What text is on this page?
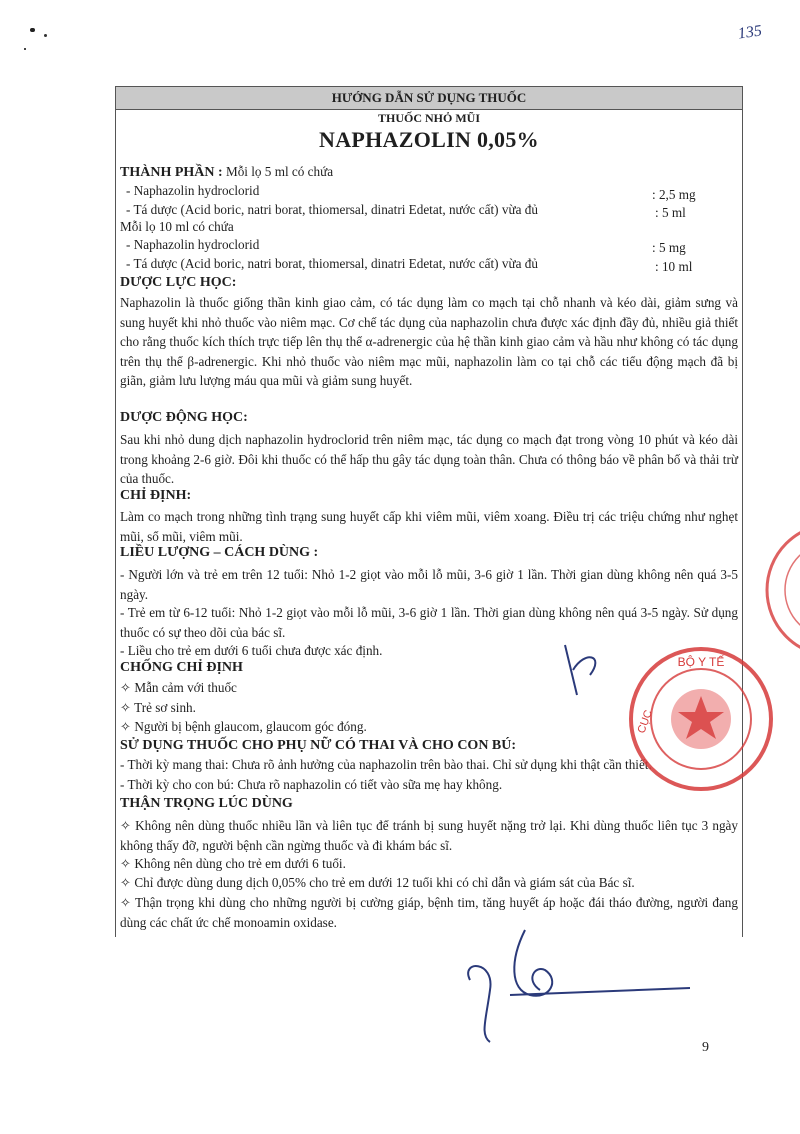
135
HƯỚNG DẪN SỬ DỤNG THUỐC
THUỐC NHỎ MŨI
NAPHAZOLIN 0,05%
THÀNH PHẦN : Mỗi lọ 5 ml có chứa
- Naphazolin hydroclorid	: 2,5 mg
- Tá dược (Acid boric, natri borat, thiomersal, dinatri Edetat, nước cất) vừa đủ	: 5 ml
Mỗi lọ 10 ml có chứa
- Naphazolin hydroclorid	: 5 mg
- Tá dược (Acid boric, natri borat, thiomersal, dinatri Edetat, nước cất) vừa đủ	: 10 ml
DƯỢC LỰC HỌC:
Naphazolin là thuốc giống thần kinh giao cảm, có tác dụng làm co mạch tại chỗ nhanh và kéo dài, giảm sưng và sung huyết khi nhỏ thuốc vào niêm mạc. Cơ chế tác dụng của naphazolin chưa được xác định đầy đủ, nhiều giả thiết cho rằng thuốc kích thích trực tiếp lên thụ thể α-adrenergic của hệ thần kinh giao cảm và hầu như không có tác dụng trên thụ thể β-adrenergic. Khi nhỏ thuốc vào niêm mạc mũi, naphazolin làm co tại chỗ các tiểu động mạch đã bị giãn, giảm lưu lượng máu qua mũi và giảm sung huyết.
DƯỢC ĐỘNG HỌC:
Sau khi nhỏ dung dịch naphazolin hydroclorid trên niêm mạc, tác dụng co mạch đạt trong vòng 10 phút và kéo dài trong khoảng 2-6 giờ. Đôi khi thuốc có thể hấp thu gây tác dụng toàn thân. Chưa có thông báo về phân bố và thải trừ của thuốc.
CHỈ ĐỊNH:
Làm co mạch trong những tình trạng sung huyết cấp khi viêm mũi, viêm xoang. Điều trị các triệu chứng như nghẹt mũi, sổ mũi, viêm mũi.
LIỀU LƯỢNG – CÁCH DÙNG :
- Người lớn và trẻ em trên 12 tuổi: Nhỏ 1-2 giọt vào mỗi lỗ mũi, 3-6 giờ 1 lần. Thời gian dùng không nên quá 3-5 ngày.
- Trẻ em từ 6-12 tuổi: Nhỏ 1-2 giọt vào mỗi lỗ mũi, 3-6 giờ 1 lần. Thời gian dùng không nên quá 3-5 ngày. Sử dụng thuốc có sự theo dõi của bác sĩ.
- Liều cho trẻ em dưới 6 tuổi chưa được xác định.
CHỐNG CHỈ ĐỊNH
✧ Mẫn cảm với thuốc
✧ Trẻ sơ sinh.
✧ Người bị bệnh glaucom, glaucom góc đóng.
SỬ DỤNG THUỐC CHO PHỤ NỮ CÓ THAI VÀ CHO CON BÚ:
- Thời kỳ mang thai: Chưa rõ ảnh hưởng của naphazolin trên bào thai. Chỉ sử dụng khi thật cần thiết.
- Thời kỳ cho con bú: Chưa rõ naphazolin có tiết vào sữa mẹ hay không.
THẬN TRỌNG LÚC DÙNG
✧ Không nên dùng thuốc nhiều lần và liên tục để tránh bị sung huyết nặng trở lại. Khi dùng thuốc liên tục 3 ngày không thấy đỡ, người bệnh cần ngừng thuốc và đi khám bác sĩ.
✧ Không nên dùng cho trẻ em dưới 6 tuổi.
✧ Chỉ được dùng dung dịch 0,05% cho trẻ em dưới 12 tuổi khi có chỉ dẫn và giám sát của Bác sĩ.
✧ Thận trọng khi dùng cho những người bị cường giáp, bệnh tim, tăng huyết áp hoặc đái tháo đường, người đang dùng các chất ức chế monoamin oxidase.
BỘ Y TẾ
CỤC
9
